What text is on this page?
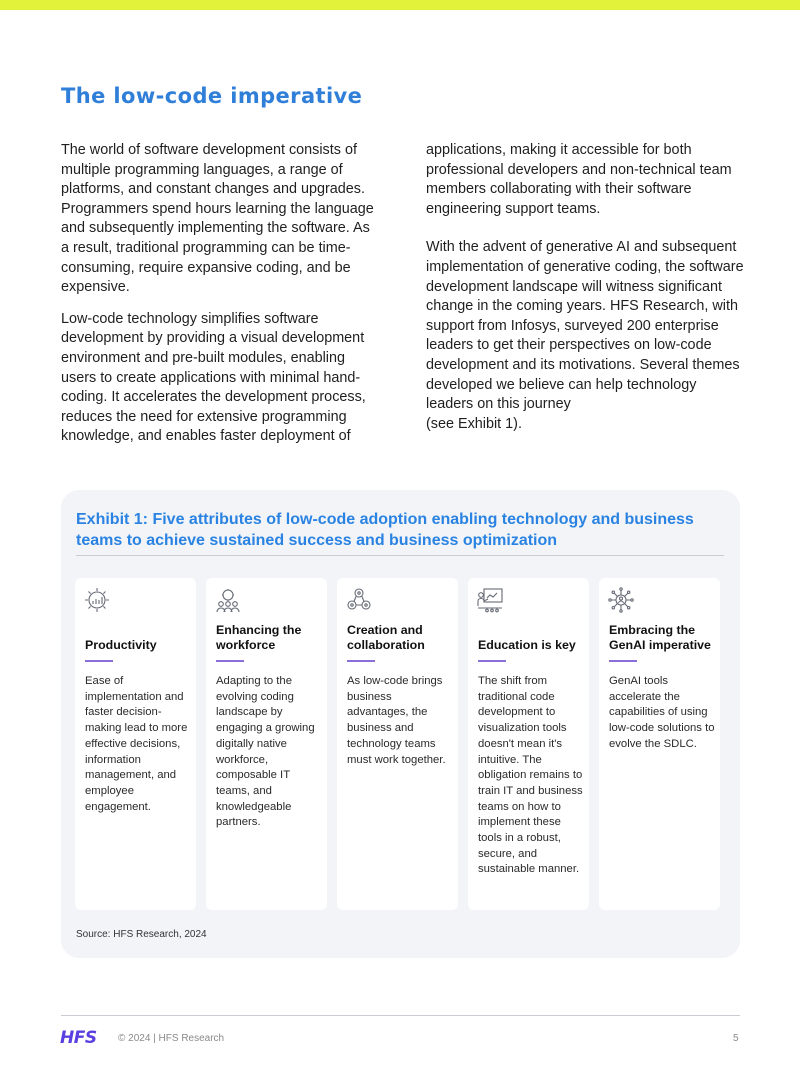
The low-code imperative

The world of software development consists of multiple programming languages, a range of platforms, and constant changes and upgrades. Programmers spend hours learning the language and subsequently implementing the software. As a result, traditional programming can be time-consuming, require expansive coding, and be expensive.

Low-code technology simplifies software development by providing a visual development environment and pre-built modules, enabling users to create applications with minimal hand-coding. It accelerates the development process, reduces the need for extensive programming knowledge, and enables faster deployment of

applications, making it accessible for both professional developers and non-technical team members collaborating with their software engineering support teams.

With the advent of generative AI and subsequent implementation of generative coding, the software development landscape will witness significant change in the coming years. HFS Research, with support from Infosys, surveyed 200 enterprise leaders to get their perspectives on low-code development and its motivations. Several themes developed we believe can help technology leaders on this journey
(see Exhibit 1).

Exhibit 1: Five attributes of low-code adoption enabling technology and business teams to achieve sustained success and business optimization
Productivity
Ease of implementation and faster decision-making lead to more effective decisions, information management, and employee engagement.
Enhancing the workforce
Adapting to the evolving coding landscape by engaging a growing digitally native workforce, composable IT teams, and knowledgeable partners.
Creation and collaboration
As low-code brings business advantages, the business and technology teams must work together.
Education is key
The shift from traditional code development to visualization tools doesn't mean it's intuitive. The obligation remains to train IT and business teams on how to implement these tools in a robust, secure, and sustainable manner.
Embracing the GenAI imperative
GenAI tools accelerate the capabilities of using low-code solutions to evolve the SDLC.
Source: HFS Research, 2024
HFS © 2024 | HFS Research	5
